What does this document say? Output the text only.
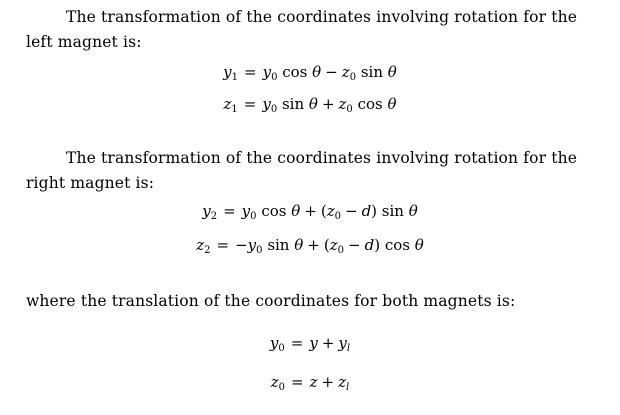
The transformation of the coordinates involving rotation for the left magnet is:
$y_1 = y_0$ $\cos \theta - z_0$ sin θ
$z_1 = y_0$ $\sin \theta + z_0$ cos θ
The transformation of the coordinates involving rotation for the right magnet is:
$y_2 = y_0$ $\cos \theta + (z_0 - d)$ sin θ
$z_2 = -y_0$ $\sin \theta + (z_0 - d)$ cos θ
where the translation of the coordinates for both magnets is:
$y_0 = y + y_l$
$z_0 = z + z_l$
